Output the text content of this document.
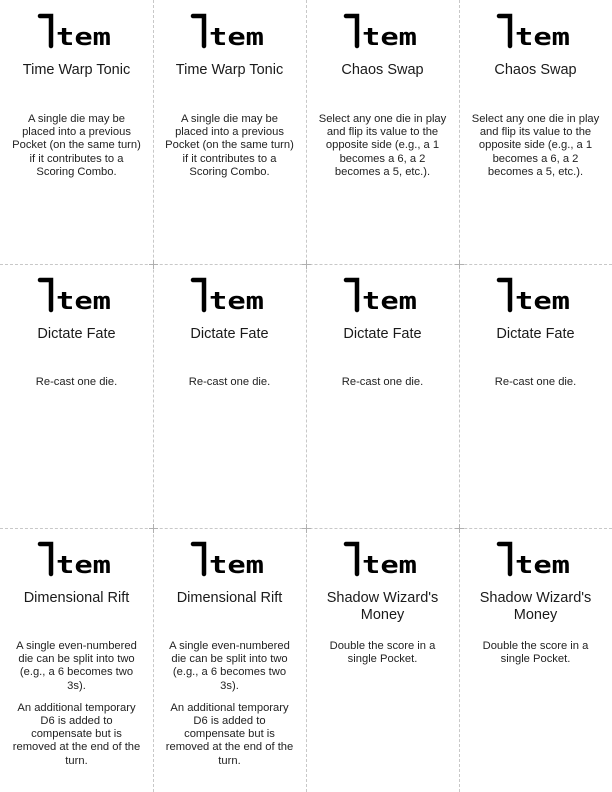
tem
Time Warp Tonic

A single die may be placed into a previous Pocket (on the same turn) if it contributes to a Scoring Combo.

tem
Time Warp Tonic

A single die may be placed into a previous Pocket (on the same turn) if it contributes to a Scoring Combo.

tem
Chaos Swap

Select any one die in play and flip its value to the opposite side (e.g., a 1 becomes a 6, a 2 becomes a 5, etc.).

tem
Chaos Swap

Select any one die in play and flip its value to the opposite side (e.g., a 1 becomes a 6, a 2 becomes a 5, etc.).

tem
Dictate Fate

Re-cast one die.

tem
Dictate Fate

Re-cast one die.

tem
Dictate Fate

Re-cast one die.

tem
Dictate Fate

Re-cast one die.

tem
Dimensional Rift

A single even-numbered die can be split into two (e.g., a 6 becomes two 3s).

An additional temporary D6 is added to compensate but is removed at the end of the turn.

tem
Dimensional Rift

A single even-numbered die can be split into two (e.g., a 6 becomes two 3s).

An additional temporary D6 is added to compensate but is removed at the end of the turn.

tem
Shadow Wizard's Money

Double the score in a single Pocket.

tem
Shadow Wizard's Money

Double the score in a single Pocket.
